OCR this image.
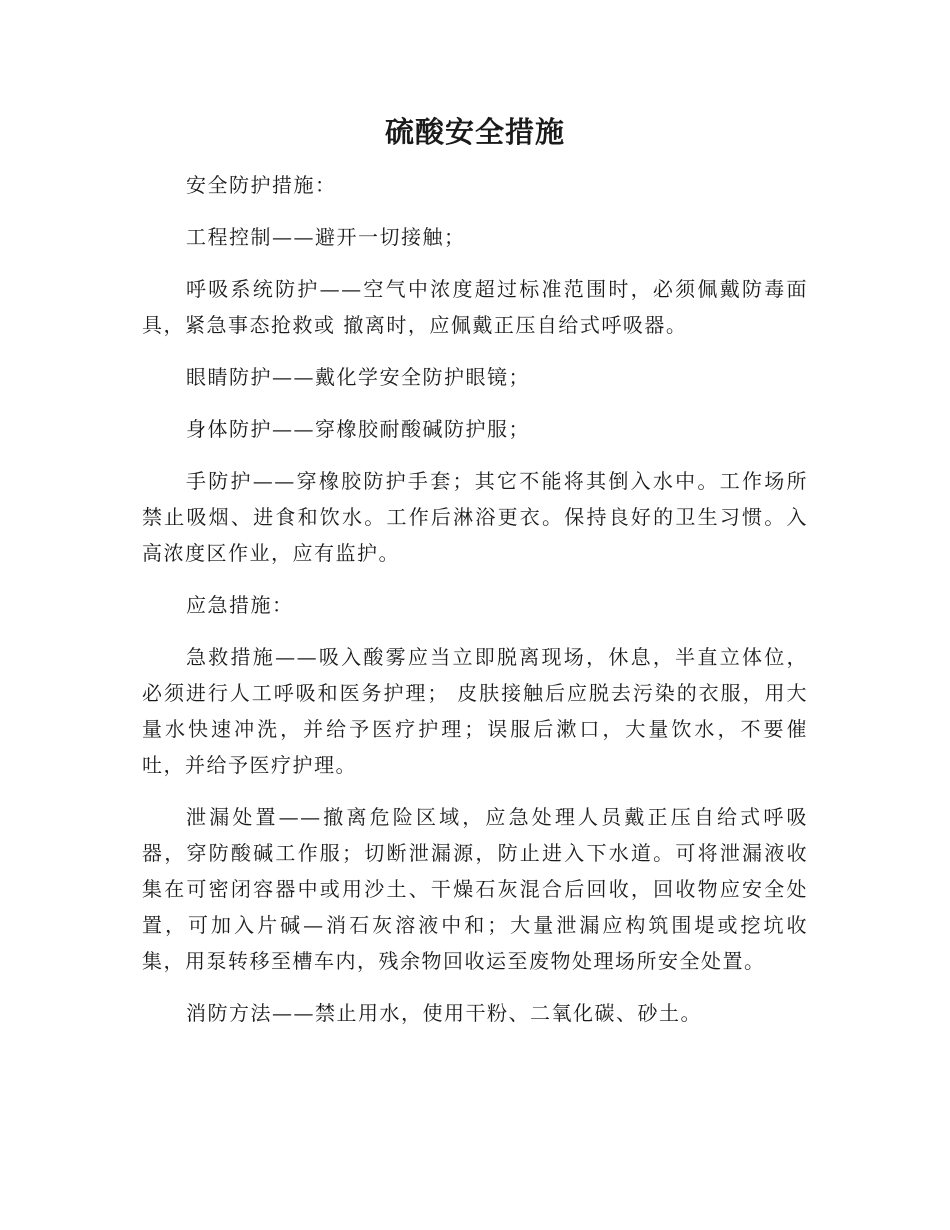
硫酸安全措施

安全防护措施：

工程控制——避开一切接触；

呼吸系统防护——空气中浓度超过标准范围时，必须佩戴防毒面具，紧急事态抢救或 撤离时，应佩戴正压自给式呼吸器。

眼睛防护——戴化学安全防护眼镜；

身体防护——穿橡胶耐酸碱防护服；

手防护——穿橡胶防护手套；其它不能将其倒入水中。工作场所禁止吸烟、进食和饮水。工作后淋浴更衣。保持良好的卫生习惯。入高浓度区作业，应有监护。

应急措施：

急救措施——吸入酸雾应当立即脱离现场，休息，半直立体位，必须进行人工呼吸和医务护理； 皮肤接触后应脱去污染的衣服，用大量水快速冲洗，并给予医疗护理；误服后漱口，大量饮水，不要催吐，并给予医疗护理。

泄漏处置——撤离危险区域，应急处理人员戴正压自给式呼吸器，穿防酸碱工作服；切断泄漏源，防止进入下水道。可将泄漏液收集在可密闭容器中或用沙土、干燥石灰混合后回收，回收物应安全处置，可加入片碱—消石灰溶液中和；大量泄漏应构筑围堤或挖坑收集，用泵转移至槽车内，残余物回收运至废物处理场所安全处置。

消防方法——禁止用水，使用干粉、二氧化碳、砂土。
